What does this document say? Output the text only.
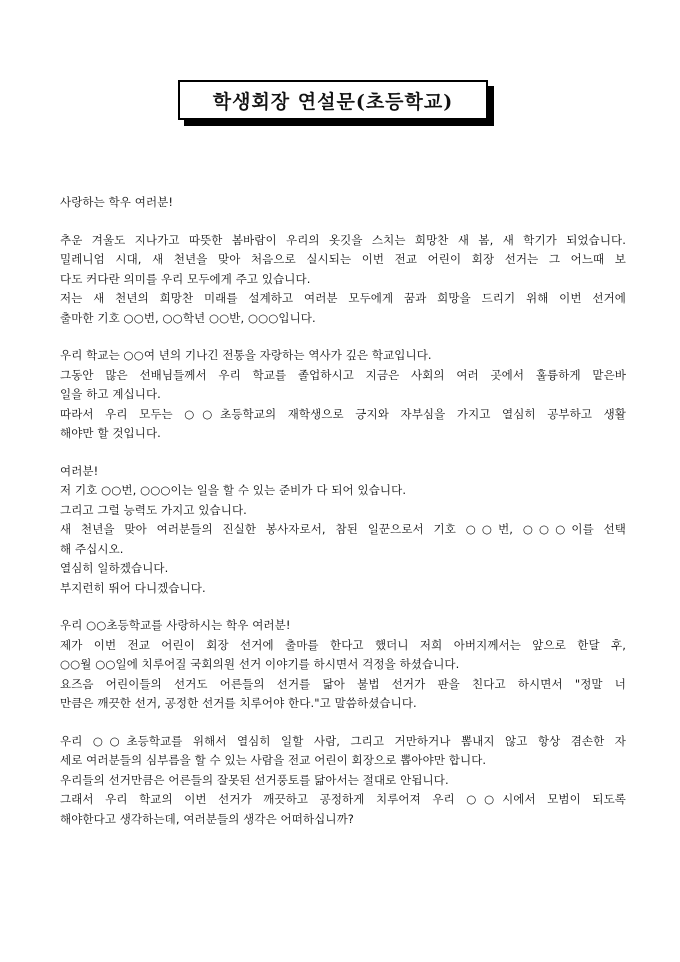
학생회장 연설문(초등학교)
사랑하는 학우 여러분!
추운 겨울도 지나가고 따뜻한 봄바람이 우리의 옷깃을 스치는 희망찬 새 봄, 새 학기가 되었습니다.
밀레니엄 시대, 새 천년을 맞아 처음으로 실시되는 이번 전교 어린이 회장 선거는 그 어느때 보
다도 커다란 의미를 우리 모두에게 주고 있습니다.
저는 새 천년의 희망찬 미래를 설계하고 여러분 모두에게 꿈과 희망을 드리기 위해 이번 선거에
출마한 기호 ○○번, ○○학년 ○○반, ○○○입니다.
우리 학교는 ○○여 년의 기나긴 전통을 자랑하는 역사가 깊은 학교입니다.
그동안 많은 선배님들께서 우리 학교를 졸업하시고 지금은 사회의 여러 곳에서 훌륭하게 맡은바
일을 하고 계십니다.
따라서 우리 모두는 ○○초등학교의 재학생으로 긍지와 자부심을 가지고 열심히 공부하고 생활
해야만 할 것입니다.
여러분!
저 기호 ○○번, ○○○이는 일을 할 수 있는 준비가 다 되어 있습니다.
그리고 그럴 능력도 가지고 있습니다.
새 천년을 맞아 여러분들의 진실한 봉사자로서, 참된 일꾼으로서 기호 ○○번, ○○○이를 선택
해 주십시오.
열심히 일하겠습니다.
부지런히 뛰어 다니겠습니다.
우리 ○○초등학교를 사랑하시는 학우 여러분!
제가 이번 전교 어린이 회장 선거에 출마를 한다고 했더니 저희 아버지께서는 앞으로 한달 후,
○○월 ○○일에 치루어질 국회의원 선거 이야기를 하시면서 걱정을 하셨습니다.
요즈음 어린이들의 선거도 어른들의 선거를 닮아 불법 선거가 판을 친다고 하시면서 "정말 너
만큼은 깨끗한 선거, 공정한 선거를 치루어야 한다."고 말씀하셨습니다.
우리 ○○초등학교를 위해서 열심히 일할 사람, 그리고 거만하거나 뽐내지 않고 항상 겸손한 자
세로 여러분들의 심부름을 할 수 있는 사람을 전교 어린이 회장으로 뽑아야만 합니다.
우리들의 선거만큼은 어른들의 잘못된 선거풍토를 닮아서는 절대로 안됩니다.
그래서 우리 학교의 이번 선거가 깨끗하고 공정하게 치루어져 우리 ○○시에서 모범이 되도록
해야한다고 생각하는데, 여러분들의 생각은 어떠하십니까?
